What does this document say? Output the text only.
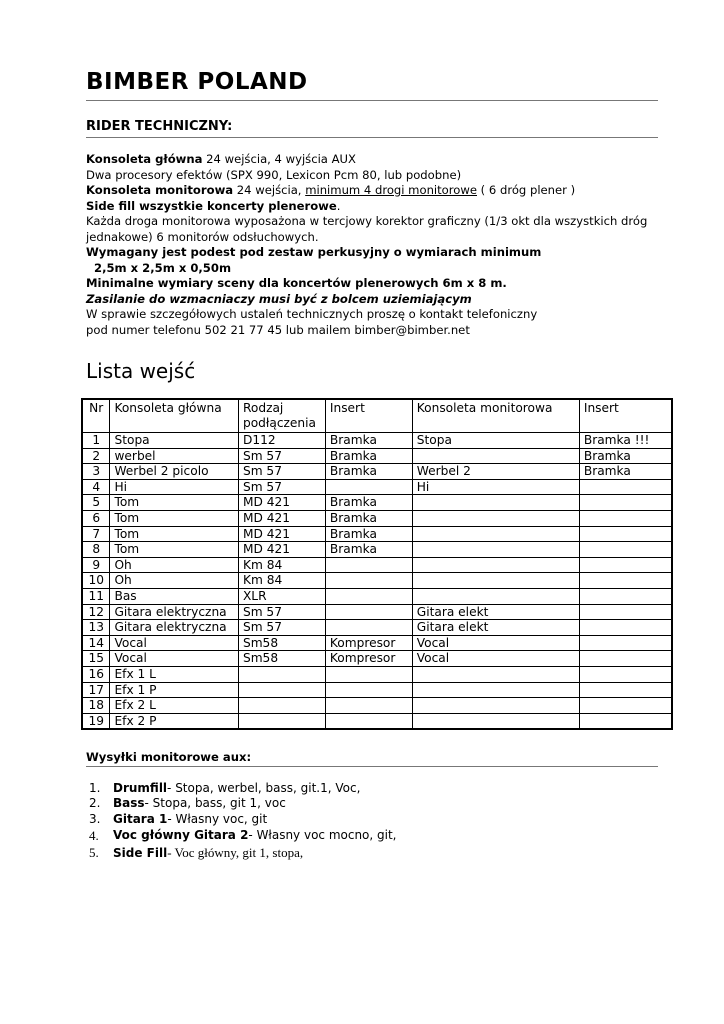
BIMBER POLAND
RIDER TECHNICZNY:

Konsoleta główna 24 wejścia, 4 wyjścia AUX

Dwa procesory efektów (SPX 990, Lexicon Pcm 80, lub podobne)

Konsoleta monitorowa 24 wejścia, minimum 4 drogi monitorowe ( 6 dróg plener )

Side fill wszystkie koncerty plenerowe.

Każda droga monitorowa wyposażona w tercjowy korektor graficzny (1/3 okt dla wszystkich dróg jednakowe) 6 monitorów odsłuchowych.

Wymagany jest podest pod zestaw perkusyjny o wymiarach minimum

2,5m x 2,5m x 0,50m

Minimalne wymiary sceny dla koncertów plenerowych 6m x 8 m.

Zasilanie do wzmacniaczy musi być z bolcem uziemiającym

W sprawie szczegółowych ustaleń technicznych proszę o kontakt telefoniczny

pod numer telefonu 502 21 77 45 lub mailem bimber@bimber.net

Lista wejść
Nr	Konsoleta główna	Rodzaj podłączenia	Insert	Konsoleta monitorowa	Insert
1	Stopa	D112	Bramka	Stopa	Bramka !!!
2	werbel	Sm 57	Bramka		Bramka
3	Werbel 2 picolo	Sm 57	Bramka	Werbel 2	Bramka
4	Hi	Sm 57		Hi	
5	Tom	MD 421	Bramka		
6	Tom	MD 421	Bramka		
7	Tom	MD 421	Bramka		
8	Tom	MD 421	Bramka		
9	Oh	Km 84			
10	Oh	Km 84			
11	Bas	XLR			
12	Gitara elektryczna	Sm 57		Gitara elekt	
13	Gitara elektryczna	Sm 57		Gitara elekt	
14	Vocal	Sm58	Kompresor	Vocal	
15	Vocal	Sm58	Kompresor	Vocal	
16	Efx 1 L				
17	Efx 1 P				
18	Efx 2 L				
19	Efx 2 P				
Wysyłki monitorowe aux:
1.	Drumfill- Stopa, werbel, bass, git.1, Voc,
2.	Bass- Stopa, bass, git 1, voc
3.	Gitara 1- Własny voc, git
4.	Voc główny Gitara 2- Własny voc mocno, git,
5.	Side Fill- Voc główny, git 1, stopa,
